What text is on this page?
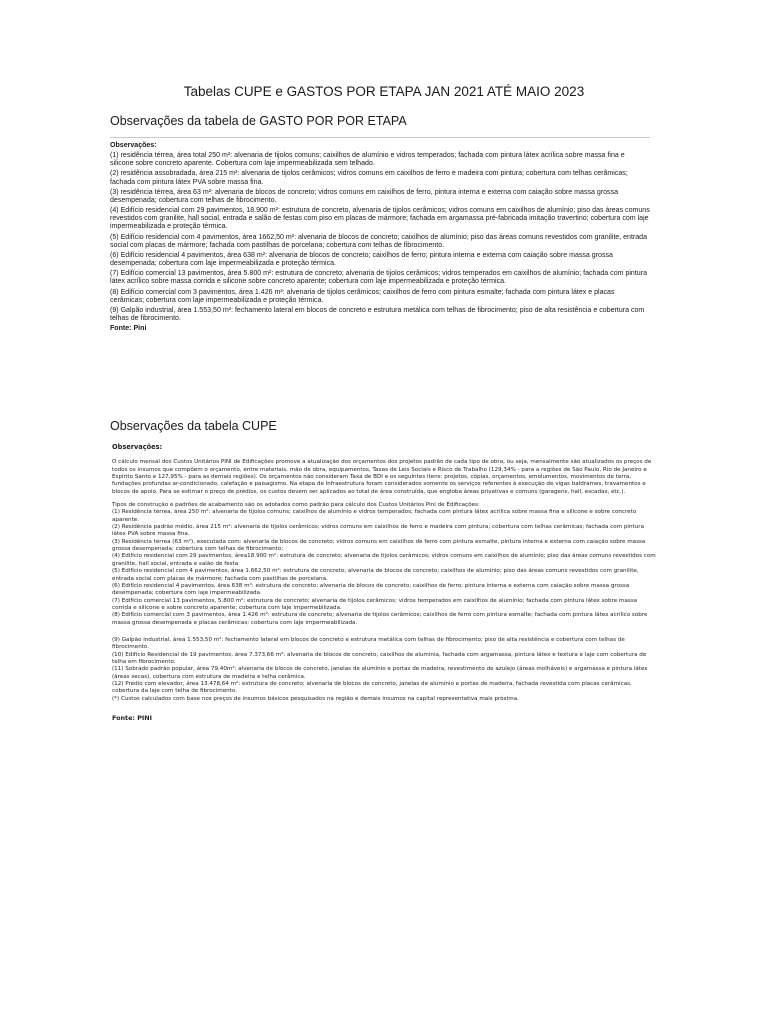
Tabelas CUPE e GASTOS POR ETAPA JAN 2021 ATÉ MAIO 2023
Observações da tabela de GASTO POR POR ETAPA
Observações:
(1) residência térrea, área total 250 m²: alvenaria de tijolos comuns; caixilhos de alumínio e vidros temperados; fachada com pintura látex acrílica sobre massa fina e silicone sobre concreto aparente. Cobertura com laje impermeabilizada sem telhado.
(2) residência assobradada, área 215 m²: alvenaria de tijolos cerâmicos; vidros comuns em caixilhos de ferro e madeira com pintura; cobertura com telhas cerâmicas; fachada com pintura látex PVA sobre massa fina.
(3) residência térrea, área 63 m²: alvenaria de blocos de concreto; vidros comuns em caixilhos de ferro, pintura interna e externa com caiação sobre massa grossa desempenada; cobertura com telhas de fibrocimento.
(4) Edifício residencial com 29 pavimentos, 18.900 m²: estrutura de concreto, alvenaria de tijolos cerâmicos; vidros comuns em caixilhos de alumínio; piso das áreas comuns revestidos com granilite, hall social, entrada e salão de festas com piso em placas de mármore; fachada em argamassa pré-fabricada imitação travertino; cobertura com laje impermeabilizada e proteção térmica.
(5) Edifício residencial com 4 pavimentos, área 1662,50 m²: alvenaria de blocos de concreto; caixilhos de alumínio; piso das áreas comuns revestidos com granilite, entrada social com placas de mármore; fachada com pastilhas de porcelana; cobertura com telhas de fibrocimento.
(6) Edifício residencial 4 pavimentos, área 638 m²: alvenaria de blocos de concreto; caixilhos de ferro; pintura interna e externa com caiação sobre massa grossa desempenada; cobertura com laje impermeabilizada e proteção térmica.
(7) Edifício comercial 13 pavimentos, área 5.800 m²: estrutura de concreto; alvenaria de tijolos cerâmicos; vidros temperados em caixilhos de alumínio; fachada com pintura látex acrílico sobre massa corrida e silicone sobre concreto aparente; cobertura com laje impermeabilizada e proteção térmica.
(8) Edifício comercial com 3 pavimentos, área 1.426 m²: alvenaria de tijolos cerâmicos; caixilhos de ferro com pintura esmalte; fachada com pintura látex e placas cerâmicas; cobertura com laje impermeabilizada e proteção térmica.
(9) Galpão industrial, área 1.553,50 m²: fechamento lateral em blocos de concreto e estrutura metálica com telhas de fibrocimento; piso de alta resistência e cobertura com telhas de fibrocimento.
Fonte: Pini
Observações da tabela CUPE
Observações:
O cálculo mensal dos Custos Unitários PINI de Edificações promove a atualização dos orçamentos dos projetos padrão de cada tipo de obra, ou seja, mensalmente são atualizados os preços de todos os insumos que compõem o orçamento, entre materiais, mão de obra, equipamentos, Taxas de Leis Sociais e Risco de Trabalho (129,34% - para a regiões de São Paulo, Rio de Janeiro e Espírito Santo e 127,95% - para as demais regiões). Os orçamentos não consideram Taxa de BDI e os seguintes itens: projetos, cópias, orçamentos, emolumentos, movimentos de terra, fundações profundas ar-condicionado, calefação e paisagismo. Na etapa de Infraestrutura foram considerados somente os serviços referentes à execução de vigas baldrames, travamentos e blocos de apoio. Para se estimar o preço de prédios, os custos devem ser aplicados ao total de área construída, que engloba áreas privativas e comuns (garagens, hall, escadas, etc.).
Tipos de construção e padrões de acabamento são os adotados como padrão para cálculo dos Custos Unitários Pini de Edificações:
(1) Residência térrea, área 250 m²: alvenaria de tijolos comuns; caixilhos de alumínio e vidros temperados; fachada com pintura látex acrílica sobre massa fina e silicone e sobre concreto aparente.
(2) Residência padrão médio, área 215 m²: alvenaria de tijolos cerâmicos; vidros comuns em caixilhos de ferro e madeira com pintura; cobertura com telhas cerâmicas; fachada com pintura látex PVA sobre massa fina.
(3) Residência térrea (63 m²), executada com: alvenaria de blocos de concreto; vidros comuns em caixilhos de ferro com pintura esmalte, pintura interna e externa com caiação sobre massa grossa desempenada; cobertura com telhas de fibrocimento;
(4) Edifício residencial com 29 pavimentos, área18.900 m²: estrutura de concreto; alvenaria de tijolos cerâmicos; vidros comuns em caixilhos de alumínio; piso das áreas comuns revestidos com granilite, hall social, entrada e salão de festa
(5) Edifício residencial com 4 pavimentos, área 1.662,50 m²: estrutura de concreto; alvenaria de blocos de concreto; caixilhos de alumínio; piso das áreas comuns revestidos com granilite, entrada social com placas de mármore; fachada com pastilhas de porcelana.
(6) Edifício residencial 4 pavimentos, área 638 m²: estrutura de concreto; alvenaria de blocos de concreto; caixilhos de ferro; pintura interna e externa com caiação sobre massa grossa desempenada; cobertura com laje impermeabilizada.
(7) Edifício comercial 13 pavimentos, 5.800 m²: estrutura de concreto; alvenaria de tijolos cerâmicos; vidros temperados em caixilhos de alumínio; fachada com pintura látex sobre massa corrida e silicone e sobre concreto aparente; cobertura com laje impermebilizada.
(8) Edifício comercial com 3 pavimentos, área 1.426 m²: estrutura de concreto; alvenaria de tijolos cerâmicos; caixilhos de ferro com pintura esmalte; fachada com pintura látex acrílico sobre massa grossa desempenada e placas cerâmicas; cobertura com laje impermeabilizada.
(9) Galpão industrial, área 1.553,50 m²: fechamento lateral em blocos de concreto e estrutura metálica com telhas de fibrocimento; piso de alta resistência e cobertura com telhas de fibrocimento.
(10) Edifício Residencial de 19 pavimentos, área 7.373,66 m²: alvenaria de blocos de concreto, caixilhos de alumínia, fachada com argamassa, pintura látex e textura e laje com cobertura de telha em fibrocimento.
(11) Sobrado padrão popular, área 79,40m²: alvenaria de blocos de concreto, janelas de alumínio e portas de madeira, revestimento de azulejo (áreas molháveis) e argamassa e pintura látex (áreas secas), cobertura com estrutura de madeira e telha cerâmica.
(12) Prédio com elevador, área 13.478,64 m²: estrutura de concreto; alvenaria de blocos de concreto, janelas de alumínio e portas de madeira, fachada revestida com placas cerâmicas, cobertura da laje com telha de fibrocimento.
(*) Custos calculados com base nos preços de insumos básicos pesquisados na região e demais insumos na capital representativa mais próxima.
Fonte: PINI
